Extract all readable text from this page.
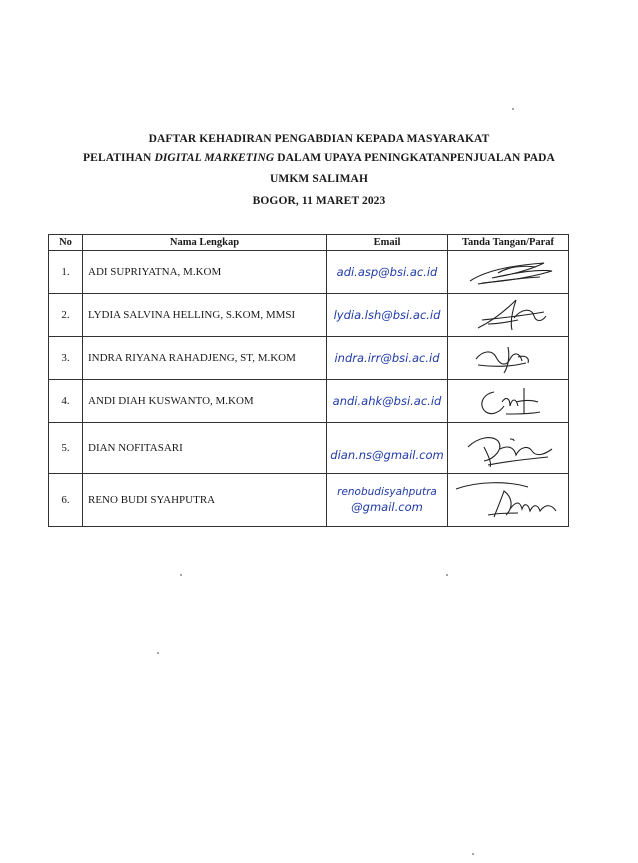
DAFTAR KEHADIRAN PENGABDIAN KEPADA MASYARAKAT
PELATIHAN DIGITAL MARKETING DALAM UPAYA PENINGKATANPENJUALAN PADA
UMKM SALIMAH
BOGOR, 11 MARET 2023
No	Nama Lengkap	Email	Tanda Tangan/Paraf
1.	ADI SUPRIYATNA, M.KOM	adi.asp@bsi.ac.id	

2.	LYDIA SALVINA HELLING, S.KOM, MMSI	lydia.lsh@bsi.ac.id	

3.	INDRA RIYANA RAHADJENG, ST, M.KOM	indra.irr@bsi.ac.id	

4.	ANDI DIAH KUSWANTO, M.KOM	andi.ahk@bsi.ac.id	

5.	DIAN NOFITASARI	dian.ns@gmail.com	

6.	RENO BUDI SYAHPUTRA	renobudisyahputra
@gmail.com	
